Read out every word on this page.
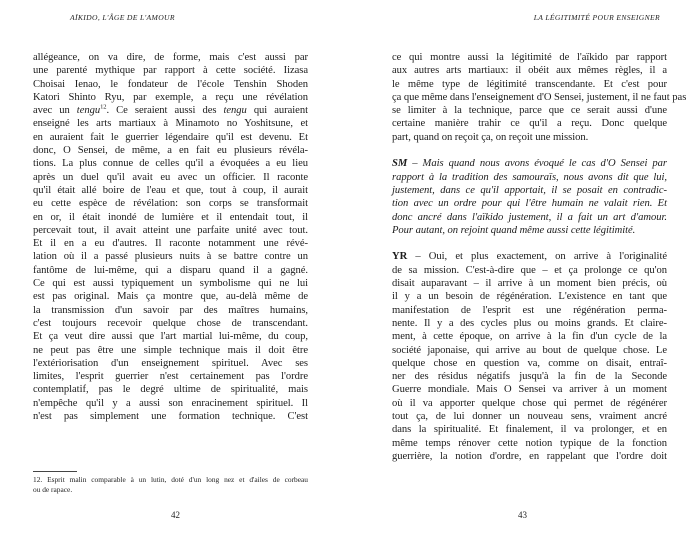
AÏKIDO, L'ÂGE DE L'AMOUR
allégeance, on va dire, de forme, mais c'est aussi par
une parenté mythique par rapport à cette société. Iizasa
Choisai Ienao, le fondateur de l'école Tenshin Shoden
Katori Shinto Ryu, par exemple, a reçu une révélation
avec un tengu$^{12}$. Ce seraient aussi des tengu qui auraient
enseigné les arts martiaux à Minamoto no Yoshitsune, et
en auraient fait le guerrier légendaire qu'il est devenu. Et
donc, O Sensei, de même, a en fait eu plusieurs révéla-
tions. La plus connue de celles qu'il a évoquées a eu lieu
après un duel qu'il avait eu avec un officier. Il raconte
qu'il était allé boire de l'eau et que, tout à coup, il aurait
eu cette espèce de révélation: son corps se transformait
en or, il était inondé de lumière et il entendait tout, il
percevait tout, il avait atteint une parfaite unité avec tout.
Et il en a eu d'autres. Il raconte notamment une révé-
lation où il a passé plusieurs nuits à se battre contre un
fantôme de lui-même, qui a disparu quand il a gagné.
Ce qui est aussi typiquement un symbolisme qui ne lui
est pas original. Mais ça montre que, au-delà même de
la transmission d'un savoir par des maîtres humains,
c'est toujours recevoir quelque chose de transcendant.
Et ça veut dire aussi que l'art martial lui-même, du coup,
ne peut pas être une simple technique mais il doit être
l'extériorisation d'un enseignement spirituel. Avec ses
limites, l'esprit guerrier n'est certainement pas l'ordre
contemplatif, pas le degré ultime de spiritualité, mais
n'empêche qu'il y a aussi son enracinement spirituel. Il
n'est pas simplement une formation technique. C'est
12. Esprit malin comparable à un lutin, doté d'un long nez et d'ailes de corbeau
ou de rapace.
42
LA LÉGITIMITÉ POUR ENSEIGNER
ce qui montre aussi la légitimité de l'aïkido par rapport
aux autres arts martiaux: il obéit aux mêmes règles, il a
le même type de légitimité transcendante. Et c'est pour
ça que même dans l'enseignement d'O Sensei, justement, il ne faut pas
se limiter à la technique, parce que ce serait aussi d'une
certaine manière trahir ce qu'il a reçu. Donc quelque
part, quand on reçoit ça, on reçoit une mission.
SM – Mais quand nous avons évoqué le cas d'O Sensei par
rapport à la tradition des samouraïs, nous avons dit que lui,
justement, dans ce qu'il apportait, il se posait en contradic-
tion avec un ordre pour qui l'être humain ne valait rien. Et
donc ancré dans l'aïkido justement, il a fait un art d'amour.
Pour autant, on rejoint quand même aussi cette légitimité.
YR – Oui, et plus exactement, on arrive à l'originalité
de sa mission. C'est-à-dire que – et ça prolonge ce qu'on
disait auparavant – il arrive à un moment bien précis, où
il y a un besoin de régénération. L'existence en tant que
manifestation de l'esprit est une régénération perma-
nente. Il y a des cycles plus ou moins grands. Et claire-
ment, à cette époque, on arrive à la fin d'un cycle de la
société japonaise, qui arrive au bout de quelque chose. Le
quelque chose en question va, comme on disait, entraî-
ner des résidus négatifs jusqu'à la fin de la Seconde
Guerre mondiale. Mais O Sensei va arriver à un moment
où il va apporter quelque chose qui permet de régénérer
tout ça, de lui donner un nouveau sens, vraiment ancré
dans la spiritualité. Et finalement, il va prolonger, et en
même temps rénover cette notion typique de la fonction
guerrière, la notion d'ordre, en rappelant que l'ordre doit
43
